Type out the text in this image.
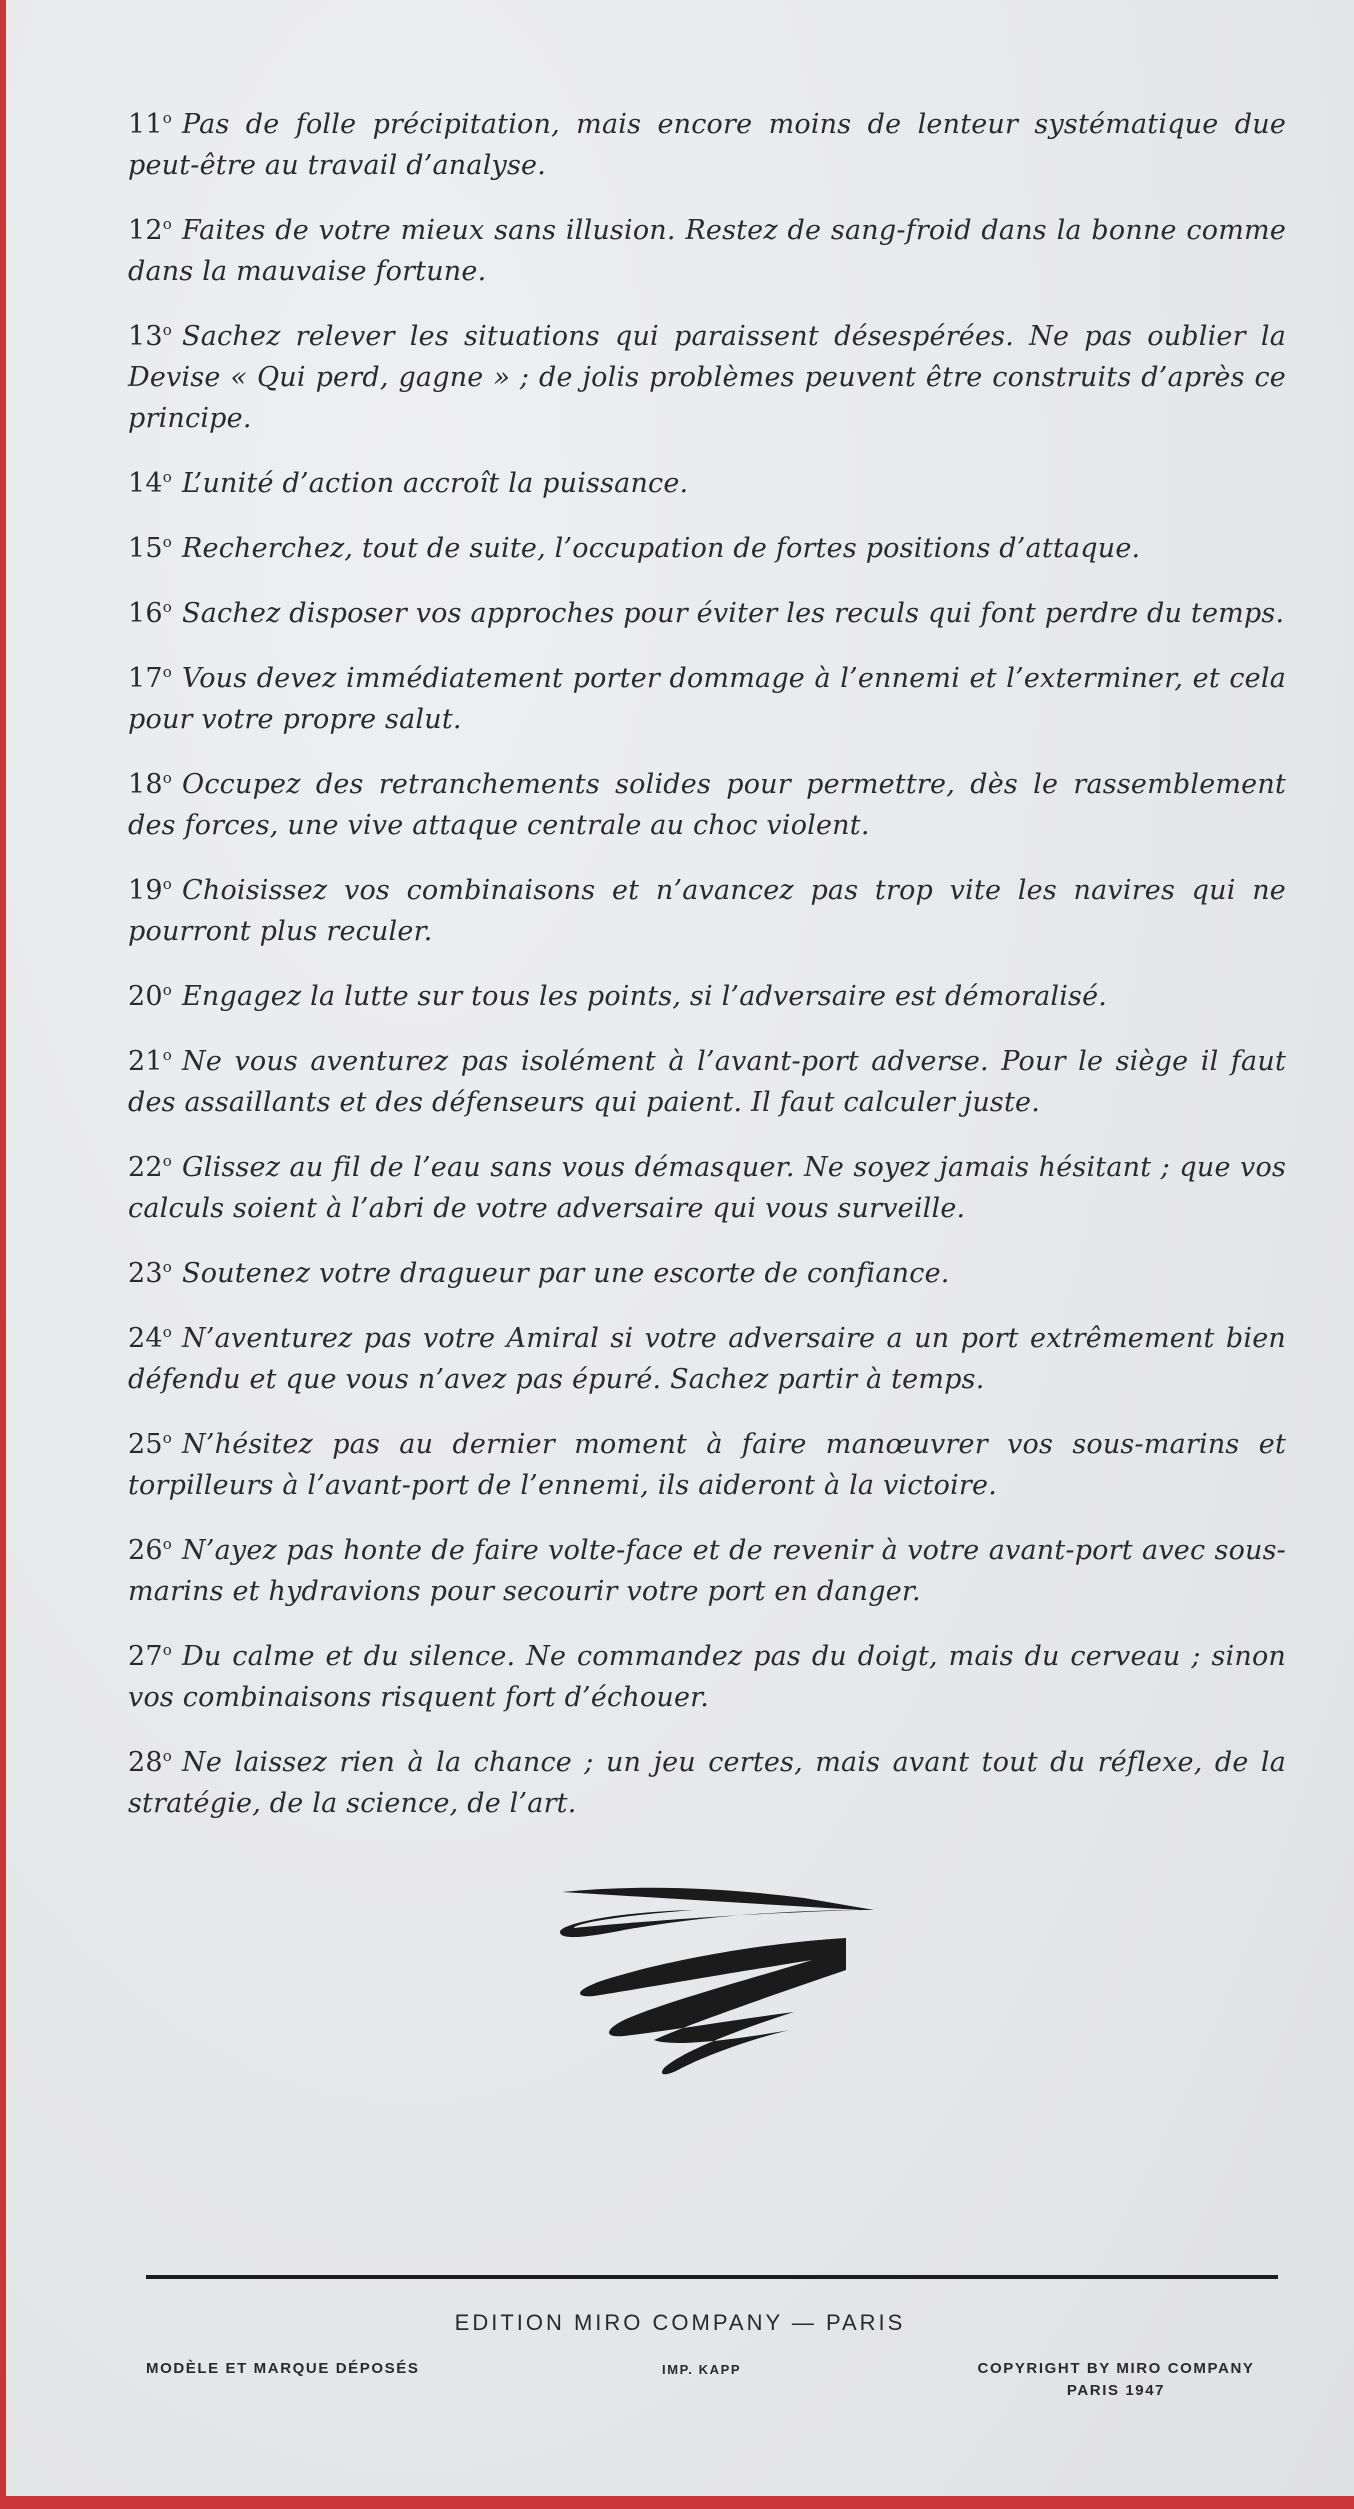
11$^o$ Pas de folle précipitation, mais encore moins de lenteur systématique due peut-être au travail d’analyse.
12$^o$ Faites de votre mieux sans illusion. Restez de sang-froid dans la bonne comme dans la mauvaise fortune.
13$^o$ Sachez relever les situations qui paraissent désespérées. Ne pas oublier la Devise « Qui perd, gagne » ; de jolis problèmes peuvent être construits d’après ce principe.
14$^o$ L’unité d’action accroît la puissance.
15$^o$ Recherchez, tout de suite, l’occupation de fortes positions d’attaque.
16$^o$ Sachez disposer vos approches pour éviter les reculs qui font perdre du temps.
17$^o$ Vous devez immédiatement porter dommage à l’ennemi et l’exterminer, et cela pour votre propre salut.
18$^o$ Occupez des retranchements solides pour permettre, dès le rassemblement des forces, une vive attaque centrale au choc violent.
19$^o$ Choisissez vos combinaisons et n’avancez pas trop vite les navires qui ne pourront plus reculer.
20$^o$ Engagez la lutte sur tous les points, si l’adversaire est démoralisé.
21$^o$ Ne vous aventurez pas isolément à l’avant-port adverse. Pour le siège il faut des assaillants et des défenseurs qui paient. Il faut calculer juste.
22$^o$ Glissez au fil de l’eau sans vous démasquer. Ne soyez jamais hésitant ; que vos calculs soient à l’abri de votre adversaire qui vous surveille.
23$^o$ Soutenez votre dragueur par une escorte de confiance.
24$^o$ N’aventurez pas votre Amiral si votre adversaire a un port extrêmement bien défendu et que vous n’avez pas épuré. Sachez partir à temps.
25$^o$ N’hésitez pas au dernier moment à faire manœuvrer vos sous-marins et torpilleurs à l’avant-port de l’ennemi, ils aideront à la victoire.
26$^o$ N’ayez pas honte de faire volte-face et de revenir à votre avant-port avec sous-marins et hydravions pour secourir votre port en danger.
27$^o$ Du calme et du silence. Ne commandez pas du doigt, mais du cerveau ; sinon vos combinaisons risquent fort d’échouer.
28$^o$ Ne laissez rien à la chance ; un jeu certes, mais avant tout du réflexe, de la stratégie, de la science, de l’art.
EDITION MIRO COMPANY — PARIS
MODÈLE ET MARQUE DÉPOSÉS	IMP. KAPP	COPYRIGHT BY MIRO COMPANY
PARIS 1947
